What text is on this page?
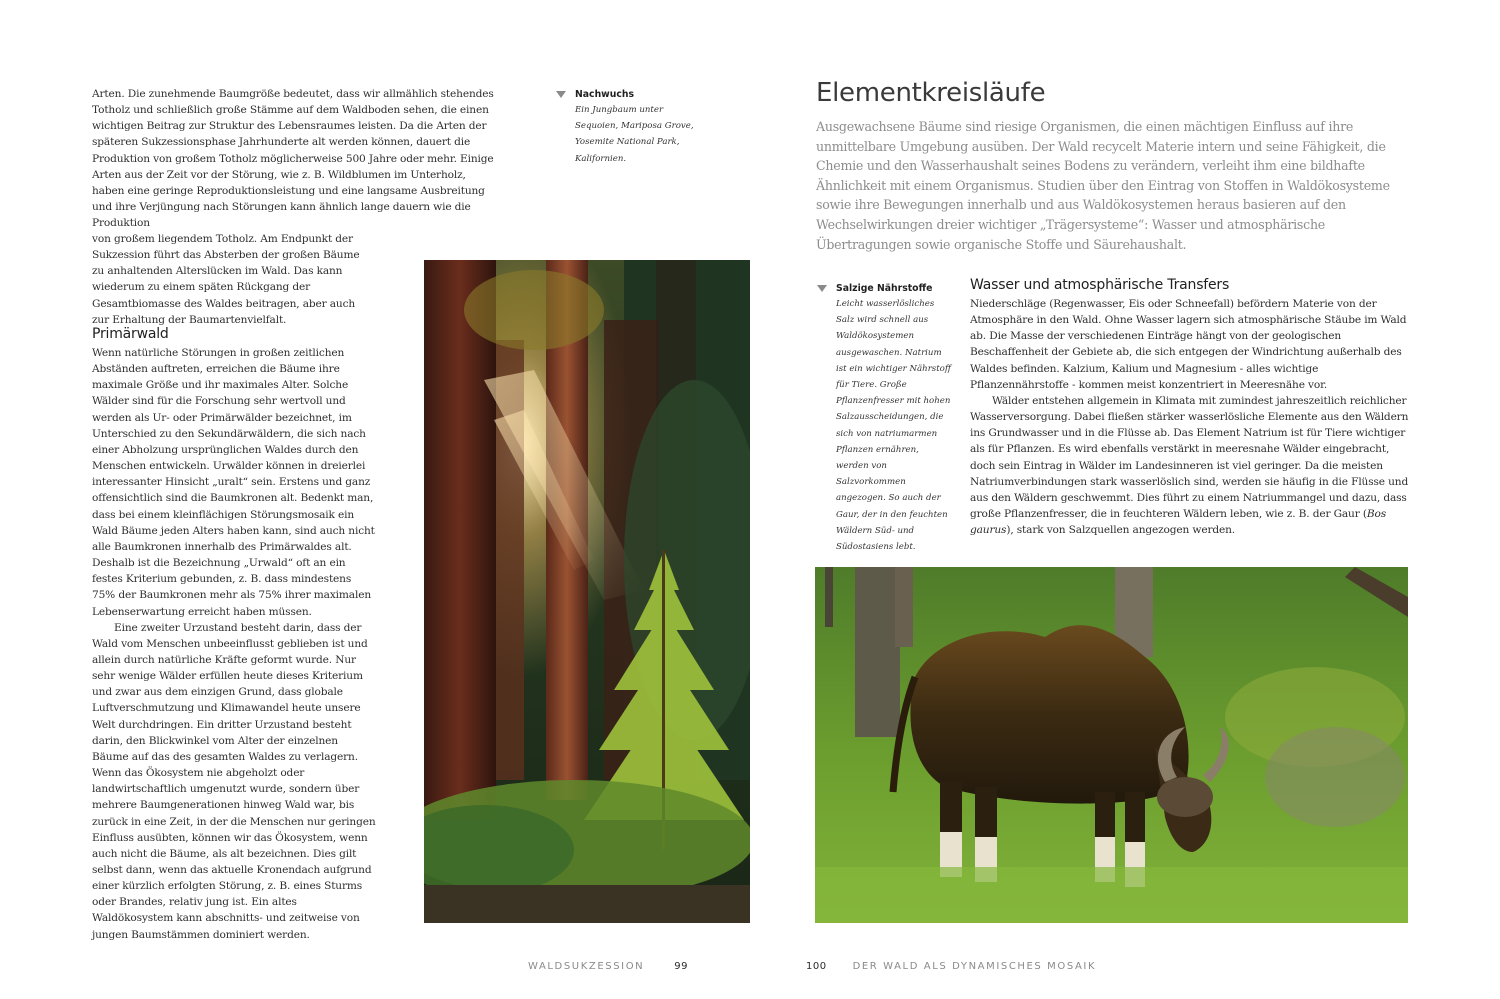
Arten. Die zunehmende Baumgröße bedeutet, dass wir allmählich stehendes Totholz und schließlich große Stämme auf dem Waldboden sehen, die einen wichtigen Beitrag zur Struktur des Lebensraumes leisten. Da die Arten der späteren Sukzessionsphase Jahrhunderte alt werden können, dauert die Produktion von großem Totholz möglicherweise 500 Jahre oder mehr. Einige Arten aus der Zeit vor der Störung, wie z. B. Wildblumen im Unterholz, haben eine geringe Reproduktionsleistung und eine langsame Ausbreitung und ihre Verjüngung nach Störungen kann ähnlich lange dauern wie die Produktion

von großem liegendem Totholz. Am Endpunkt der Sukzession führt das Absterben der großen Bäume zu anhaltenden Alterslücken im Wald. Das kann wiederum zu einem späten Rückgang der Gesamtbiomasse des Waldes beitragen, aber auch zur Erhaltung der Baumartenvielfalt.

Primärwald

Wenn natürliche Störungen in großen zeitlichen Abständen auftreten, erreichen die Bäume ihre maximale Größe und ihr maximales Alter. Solche Wälder sind für die Forschung sehr wertvoll und werden als Ur- oder Primärwälder bezeichnet, im Unterschied zu den Sekundärwäldern, die sich nach einer Abholzung ursprünglichen Waldes durch den Menschen entwickeln. Urwälder können in dreierlei interessanter Hinsicht „uralt“ sein. Erstens und ganz offensichtlich sind die Baumkronen alt. Bedenkt man, dass bei einem kleinflächigen Störungsmosaik ein Wald Bäume jeden Alters haben kann, sind auch nicht alle Baumkronen innerhalb des Primärwaldes alt. Deshalb ist die Bezeichnung „Urwald“ oft an ein festes Kriterium gebunden, z. B. dass mindestens 75% der Baumkronen mehr als 75% ihrer maximalen Lebenserwartung erreicht haben müssen.

Eine zweiter Urzustand besteht darin, dass der Wald vom Menschen unbeeinflusst geblieben ist und allein durch natürliche Kräfte geformt wurde. Nur sehr wenige Wälder erfüllen heute dieses Kriterium und zwar aus dem einzigen Grund, dass globale Luftverschmutzung und Klimawandel heute unsere Welt durchdringen. Ein dritter Urzustand besteht darin, den Blickwinkel vom Alter der einzelnen Bäume auf das des gesamten Waldes zu verlagern. Wenn das Ökosystem nie abgeholzt oder landwirtschaftlich umgenutzt wurde, sondern über mehrere Baumgenerationen hinweg Wald war, bis zurück in eine Zeit, in der die Menschen nur geringen Einfluss ausübten, können wir das Ökosystem, wenn auch nicht die Bäume, als alt bezeichnen. Dies gilt selbst dann, wenn das aktuelle Kronendach aufgrund einer kürzlich erfolgten Störung, z. B. eines Sturms oder Brandes, relativ jung ist. Ein altes Waldökosystem kann abschnitts- und zeitweise von jungen Baumstämmen dominiert werden.

Nachwuchs

Ein Jungbaum unter Sequoien, Mariposa Grove, Yosemite National Park, Kalifornien.

WALDSUKZESSION	99
Elementkreisläufe

Ausgewachsene Bäume sind riesige Organismen, die einen mächtigen Einfluss auf ihre unmittelbare Umgebung ausüben. Der Wald recycelt Materie intern und seine Fähigkeit, die Chemie und den Wasserhaushalt seines Bodens zu verändern, verleiht ihm eine bildhafte Ähnlichkeit mit einem Organismus. Studien über den Eintrag von Stoffen in Waldökosysteme sowie ihre Bewegungen innerhalb und aus Waldökosystemen heraus basieren auf den Wechselwirkungen dreier wichtiger „Trägersysteme“: Wasser und atmosphärische Übertragungen sowie organische Stoffe und Säurehaushalt.

Salzige Nährstoffe

Leicht wasserlösliches Salz wird schnell aus Waldökosystemen ausgewaschen. Natrium ist ein wichtiger Nährstoff für Tiere. Große Pflanzenfresser mit hohen Salzausscheidungen, die sich von natriumarmen Pflanzen ernähren, werden von Salzvorkommen angezogen. So auch der Gaur, der in den feuchten Wäldern Süd- und Südostasiens lebt.

Wasser und atmosphärische Transfers

Niederschläge (Regenwasser, Eis oder Schneefall) befördern Materie von der Atmosphäre in den Wald. Ohne Wasser lagern sich atmosphärische Stäube im Wald ab. Die Masse der verschiedenen Einträge hängt von der geologischen Beschaffenheit der Gebiete ab, die sich entgegen der Windrichtung außerhalb des Waldes befinden. Kalzium, Kalium und Magnesium - alles wichtige Pflanzennährstoffe - kommen meist konzentriert in Meeresnähe vor.

Wälder entstehen allgemein in Klimata mit zumindest jahreszeitlich reichlicher Wasserversorgung. Dabei fließen stärker wasserlösliche Elemente aus den Wäldern ins Grundwasser und in die Flüsse ab. Das Element Natrium ist für Tiere wichtiger als für Pflanzen. Es wird ebenfalls verstärkt in meeresnahe Wälder eingebracht, doch sein Eintrag in Wälder im Landesinneren ist viel geringer. Da die meisten Natriumverbindungen stark wasserlöslich sind, werden sie häufig in die Flüsse und aus den Wäldern geschwemmt. Dies führt zu einem Natriummangel und dazu, dass große Pflanzenfresser, die in feuchteren Wäldern leben, wie z. B. der Gaur (Bos gaurus), stark von Salzquellen angezogen werden.

100	DER WALD ALS DYNAMISCHES MOSAIK
